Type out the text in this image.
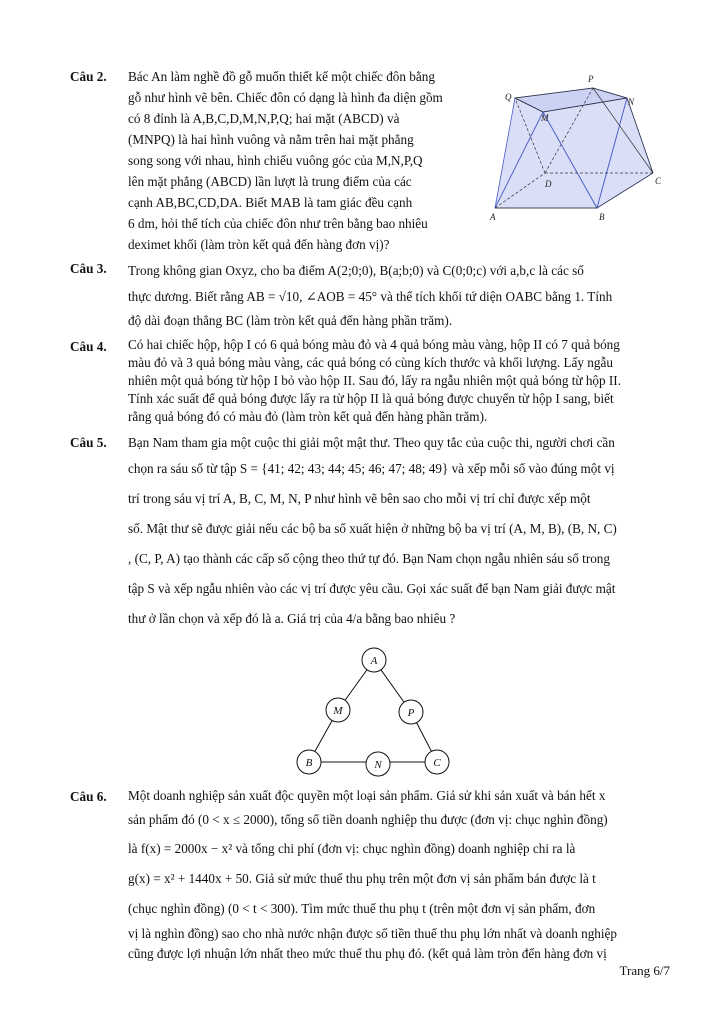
Câu 2.	Bác An làm nghề đồ gỗ muốn thiết kế một chiếc đôn bằng

gỗ như hình vẽ bên. Chiếc đôn có dạng là hình đa diện gồm

có 8 đỉnh là A,B,C,D,M,N,P,Q; hai mặt (ABCD) và

(MNPQ) là hai hình vuông và nằm trên hai mặt phẳng

song song với nhau, hình chiếu vuông góc của M,N,P,Q

lên mặt phẳng (ABCD) lần lượt là trung điểm của các

cạnh AB,BC,CD,DA. Biết MAB là tam giác đều cạnh

6 dm, hỏi thể tích của chiếc đôn như trên bằng bao nhiêu

deximet khối (làm tròn kết quả đến hàng đơn vị)?

P
Q
M
N
D	C
A	B
Câu 3.	Trong không gian Oxyz, cho ba điểm A(2;0;0), B(a;b;0) và C(0;0;c) với a,b,c là các số

thực dương. Biết rằng AB = √10, ∠AOB = 45° và thể tích khối tứ diện OABC bằng 1. Tính

độ dài đoạn thẳng BC (làm tròn kết quả đến hàng phần trăm).

Câu 4.	Có hai chiếc hộp, hộp I có 6 quả bóng màu đỏ và 4 quả bóng màu vàng, hộp II có 7 quả bóng

màu đỏ và 3 quả bóng màu vàng, các quả bóng có cùng kích thước và khối lượng. Lấy ngẫu

nhiên một quả bóng từ hộp I bỏ vào hộp II. Sau đó, lấy ra ngẫu nhiên một quả bóng từ hộp II.

Tính xác suất để quả bóng được lấy ra từ hộp II là quả bóng được chuyển từ hộp I sang, biết

rằng quả bóng đó có màu đỏ (làm tròn kết quả đến hàng phần trăm).

Câu 5.	Bạn Nam tham gia một cuộc thi giải một mật thư. Theo quy tắc của cuộc thi, người chơi cần

chọn ra sáu số từ tập S = {41; 42; 43; 44; 45; 46; 47; 48; 49} và xếp mỗi số vào đúng một vị

trí trong sáu vị trí A, B, C, M, N, P như hình vẽ bên sao cho mỗi vị trí chỉ được xếp một

số. Mật thư sẽ được giải nếu các bộ ba số xuất hiện ở những bộ ba vị trí (A, M, B), (B, N, C)

, (C, P, A) tạo thành các cấp số cộng theo thứ tự đó. Bạn Nam chọn ngẫu nhiên sáu số trong

tập S và xếp ngẫu nhiên vào các vị trí được yêu cầu. Gọi xác suất để bạn Nam giải được mật

thư ở lần chọn và xếp đó là a. Giá trị của 4/a bằng bao nhiêu ?

A
M	P
B	N	C
Câu 6.	Một doanh nghiệp sản xuất độc quyền một loại sản phẩm. Giả sử khi sản xuất và bán hết x

sản phẩm đó (0 < x ≤ 2000), tổng số tiền doanh nghiệp thu được (đơn vị: chục nghìn đồng)

là f(x) = 2000x − x² và tổng chi phí (đơn vị: chục nghìn đồng) doanh nghiệp chi ra là

g(x) = x² + 1440x + 50. Giả sử mức thuế thu phụ trên một đơn vị sản phẩm bán được là t

(chục nghìn đồng) (0 < t < 300). Tìm mức thuế thu phụ t (trên một đơn vị sản phẩm, đơn

vị là nghìn đồng) sao cho nhà nước nhận được số tiền thuế thu phụ lớn nhất và doanh nghiệp

cũng được lợi nhuận lớn nhất theo mức thuế thu phụ đó. (kết quả làm tròn đến hàng đơn vị

Trang 6/7
